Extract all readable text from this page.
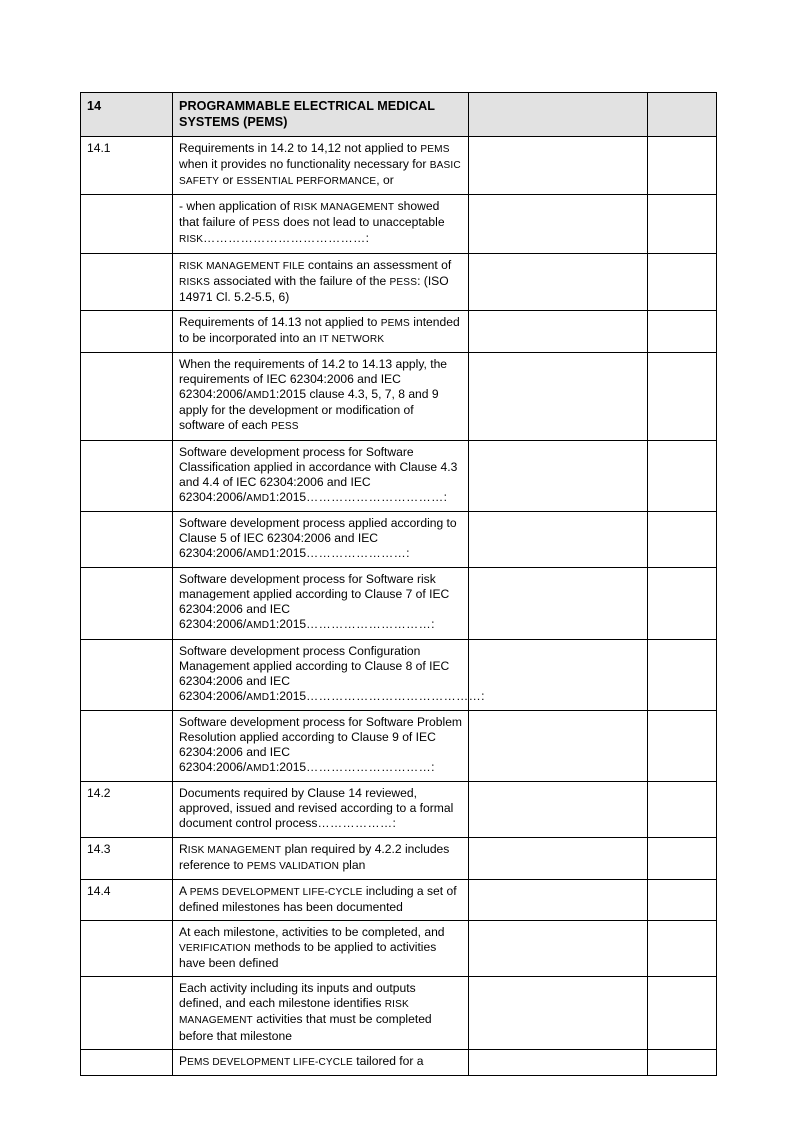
14	PROGRAMMABLE ELECTRICAL MEDICAL SYSTEMS (PEMS)		
14.1	Requirements in 14.2 to 14,12 not applied to PEMS when it provides no functionality necessary for BASIC SAFETY or ESSENTIAL PERFORMANCE, or		
	- when application of RISK MANAGEMENT showed that failure of PESS does not lead to unacceptable RISK…………………………………:		
	RISK MANAGEMENT FILE contains an assessment of RISKS associated with the failure of the PESS: (ISO 14971 Cl. 5.2-5.5, 6)		
	Requirements of 14.13 not applied to PEMS intended to be incorporated into an IT NETWORK		
	When the requirements of 14.2 to 14.13 apply, the requirements of IEC 62304:2006 and IEC 62304:2006/AMD1:2015 clause 4.3, 5, 7, 8 and 9 apply for the development or modification of software of each PESS		
	Software development process for Software Classification applied in accordance with Clause 4.3 and 4.4 of IEC 62304:2006 and IEC 62304:2006/AMD1:2015……………………………:		
	Software development process applied according to Clause 5 of IEC 62304:2006 and IEC 62304:2006/AMD1:2015……………………:		
	Software development process for Software risk management applied according to Clause 7 of IEC 62304:2006 and IEC 62304:2006/AMD1:2015…………………………:		
	Software development process Configuration Management applied according to Clause 8 of IEC 62304:2006 and IEC 62304:2006/AMD1:2015……………………………………:		
	Software development process for Software Problem Resolution applied according to Clause 9 of IEC 62304:2006 and IEC 62304:2006/AMD1:2015…………………………:		
14.2	Documents required by Clause 14 reviewed, approved, issued and revised according to a formal document control process………………:		
14.3	RISK MANAGEMENT plan required by 4.2.2 includes reference to PEMS VALIDATION plan		
14.4	A PEMS DEVELOPMENT LIFE-CYCLE including a set of defined milestones has been documented		
	At each milestone, activities to be completed, and VERIFICATION methods to be applied to activities have been defined		
	Each activity including its inputs and outputs defined, and each milestone identifies RISK MANAGEMENT activities that must be completed before that milestone		
	PEMS DEVELOPMENT LIFE-CYCLE tailored for a		
